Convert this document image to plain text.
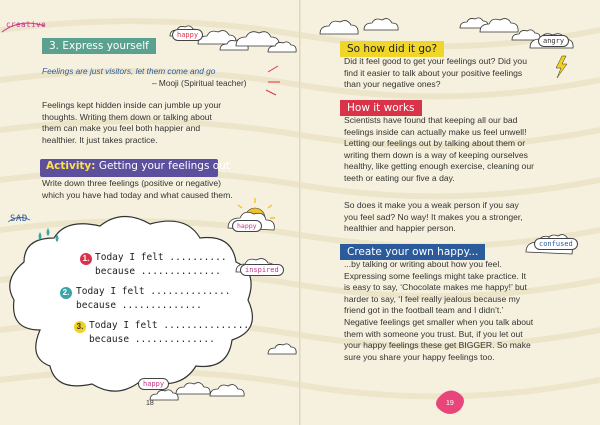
creative
happy
3. Express yourself
Feelings are just visitors, let them come and go
– Mooji (Spiritual teacher)
Feelings kept hidden inside can jumble up your
thoughts. Writing them down or talking about
them can make you feel both happier and
healthier. It just takes practice.
Activity: Getting your feelings out
Write down three feelings (positive or negative)
which you have had today and what caused them.
SAD
happy
inspired
happy
1. Today I felt ..........
because ..............
2. Today I felt ..............
because ..............
3. Today I felt ...............
because ..............
18
angry
confused
So how did it go?
Did it feel good to get your feelings out? Did you
find it easier to talk about your positive feelings
than your negative ones?
How it works
Scientists have found that keeping all our bad
feelings inside can actually make us feel unwell!
Letting our feelings out by talking about them or
writing them down is a way of keeping ourselves
healthy, like getting enough exercise, cleaning our
teeth or eating our five a day.
So does it make you a weak person if you say
you feel sad? No way! It makes you a stronger,
healthier and happier person.
Create your own happy...
...by talking or writing about how you feel.
Expressing some feelings might take practice. It
is easy to say, ‘Chocolate makes me happy!’ but
harder to say, ‘I feel really jealous because my
friend got in the football team and I didn’t.’
Negative feelings get smaller when you talk about
them with someone you trust. But, if you let out
your happy feelings these get BIGGER. So make
sure you share your happy feelings too.
19
